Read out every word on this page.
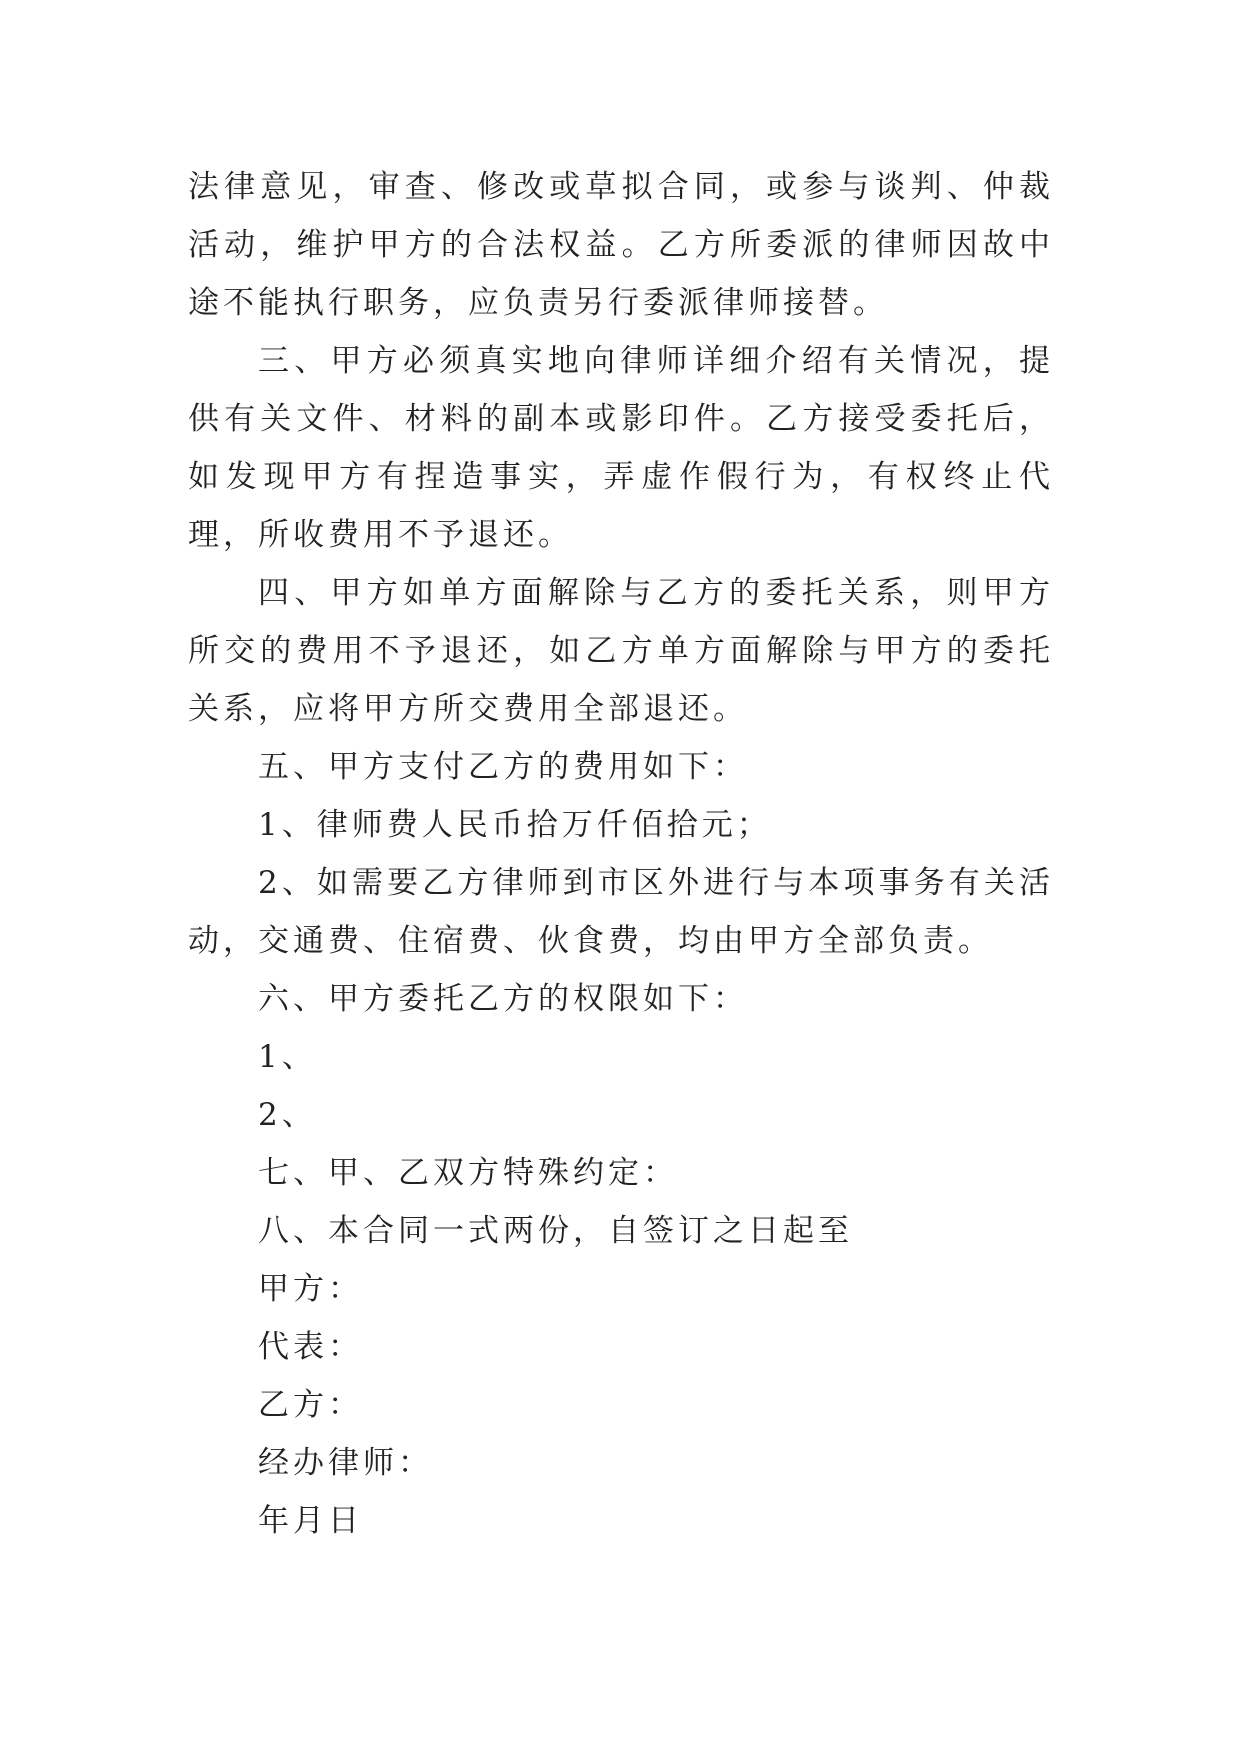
法律意见，审查、修改或草拟合同，或参与谈判、仲裁活动，维护甲方的合法权益。乙方所委派的律师因故中途不能执行职务，应负责另行委派律师接替。

三、甲方必须真实地向律师详细介绍有关情况，提供有关文件、材料的副本或影印件。乙方接受委托后，如发现甲方有捏造事实，弄虚作假行为，有权终止代理，所收费用不予退还。

四、甲方如单方面解除与乙方的委托关系，则甲方所交的费用不予退还，如乙方单方面解除与甲方的委托关系，应将甲方所交费用全部退还。

五、甲方支付乙方的费用如下：

1、律师费人民币拾万仟佰拾元；

2、如需要乙方律师到市区外进行与本项事务有关活动，交通费、住宿费、伙食费，均由甲方全部负责。

六、甲方委托乙方的权限如下：

1、

2、

七、甲、乙双方特殊约定：

八、本合同一式两份，自签订之日起至

甲方：

代表：

乙方：

经办律师：

年月日
